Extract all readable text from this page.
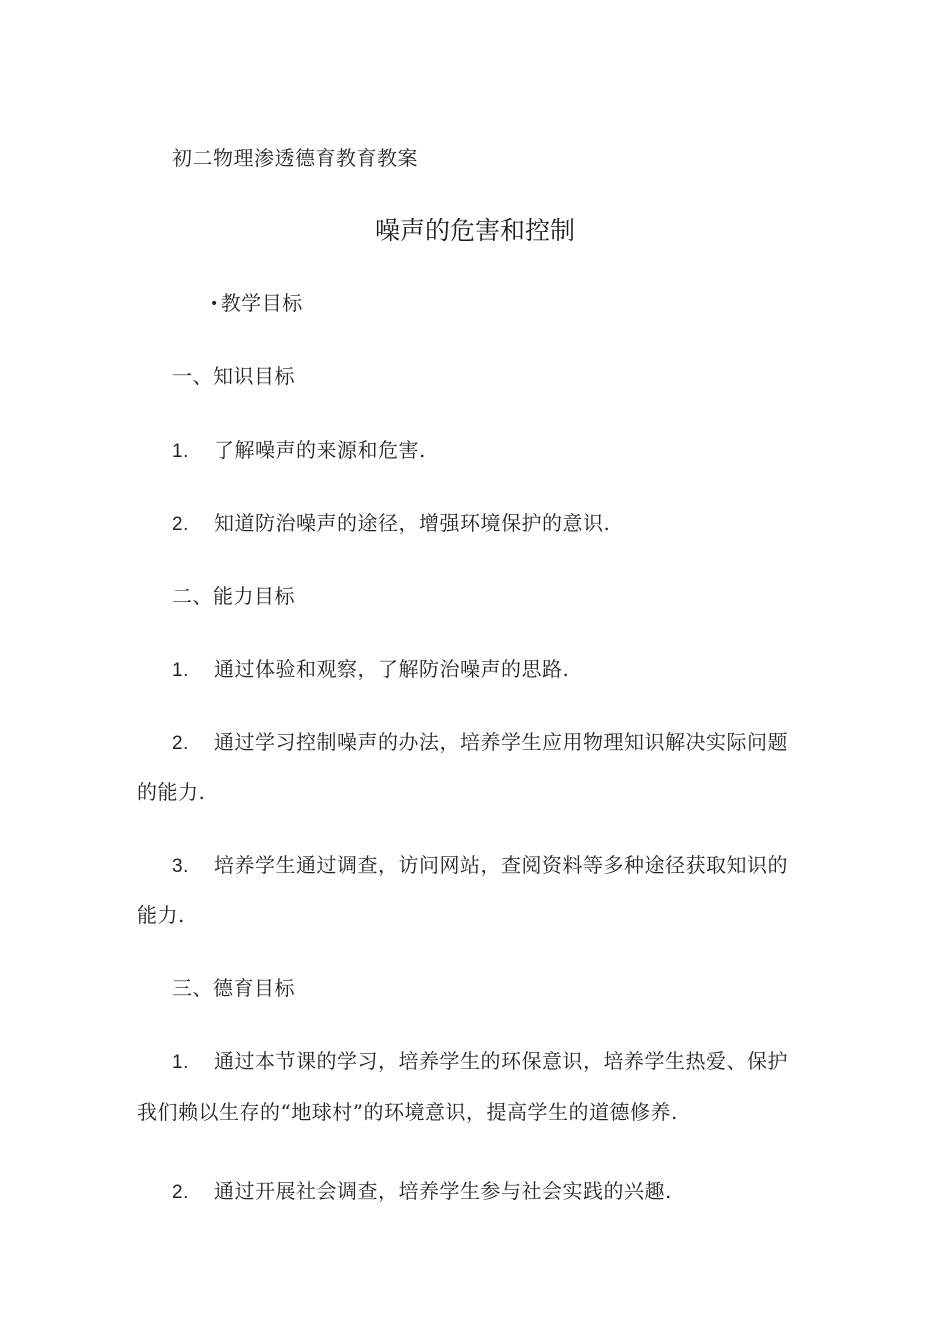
初二物理渗透德育教育教案
噪声的危害和控制
• 教学目标
一、知识目标
1. 了解噪声的来源和危害.
2. 知道防治噪声的途径，增强环境保护的意识.
二、能力目标
1. 通过体验和观察，了解防治噪声的思路.
2. 通过学习控制噪声的办法，培养学生应用物理知识解决实际问题
的能力.
3. 培养学生通过调查，访问网站，查阅资料等多种途径获取知识的
能力.
三、德育目标
1. 通过本节课的学习，培养学生的环保意识，培养学生热爱、保护
我们赖以生存的“地球村”的环境意识，提高学生的道德修养.
2. 通过开展社会调查，培养学生参与社会实践的兴趣.
